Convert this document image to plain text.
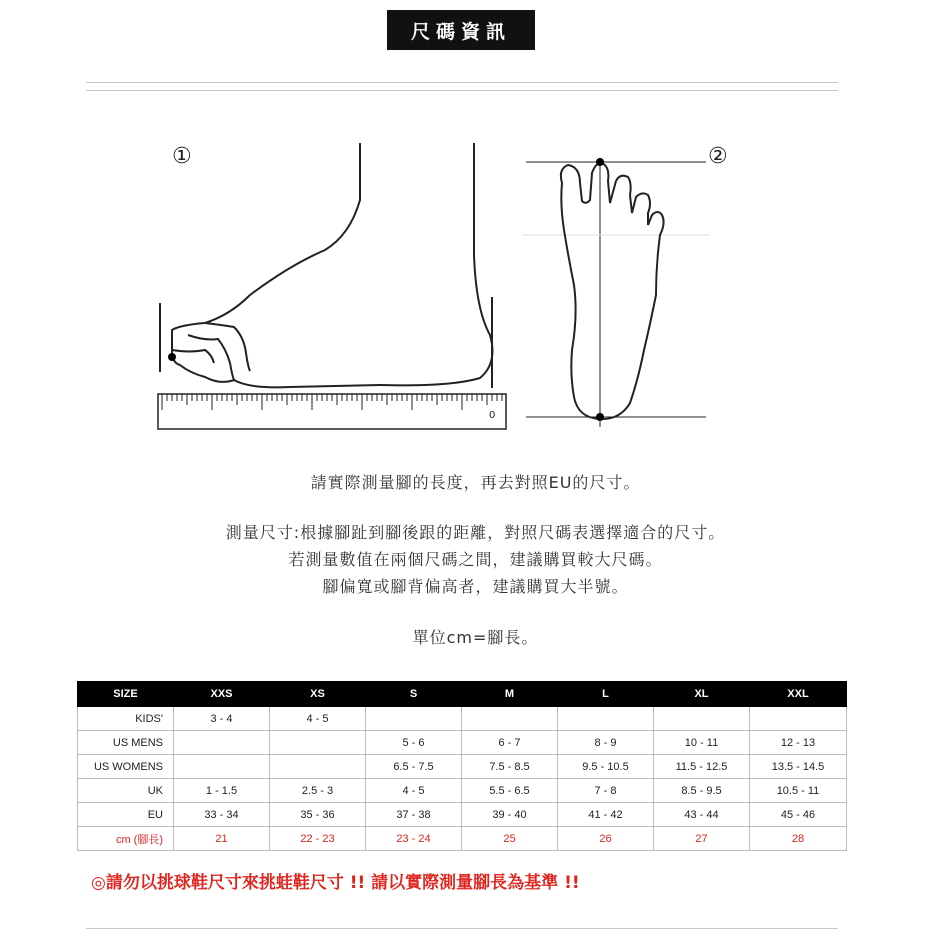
尺碼資訊
0
①	②
請實際測量腳的長度，再去對照EU的尺寸。
測量尺寸:根據腳趾到腳後跟的距離，對照尺碼表選擇適合的尺寸。
若測量數值在兩個尺碼之間，建議購買較大尺碼。
腳偏寬或腳背偏高者，建議購買大半號。
單位cm=腳長。
SIZE	XXS	XS	S	M	L	XL	XXL
KIDS'	3 - 4	4 - 5					
US MENS			5 - 6	6 - 7	8 - 9	10 - 11	12 - 13
US WOMENS			6.5 - 7.5	7.5 - 8.5	9.5 - 10.5	11.5 - 12.5	13.5 - 14.5
UK	1 - 1.5	2.5 - 3	4 - 5	5.5 - 6.5	7 - 8	8.5 - 9.5	10.5 - 11
EU	33 - 34	35 - 36	37 - 38	39 - 40	41 - 42	43 - 44	45 - 46
cm (腳長)	21	22 - 23	23 - 24	25	26	27	28
◎請勿以挑球鞋尺寸來挑蛙鞋尺寸 !! 請以實際測量腳長為基準 !!
